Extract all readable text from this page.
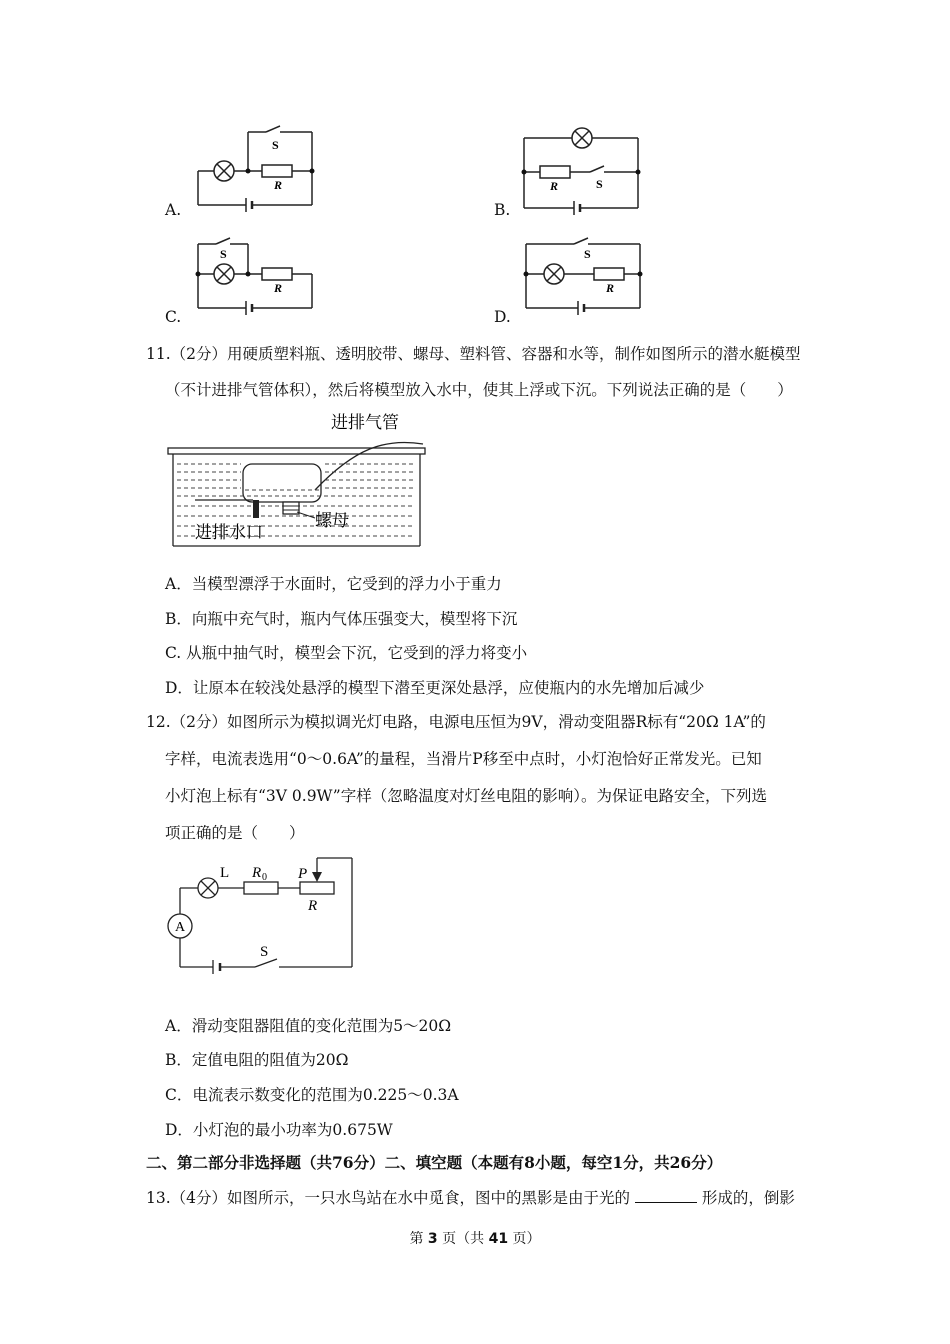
A.
S
R
B.
R	S
C.
S
R
D.
S
R
11.（2分）用硬质塑料瓶、透明胶带、螺母、塑料管、容器和水等，制作如图所示的潜水艇模型
（不计进排气管体积），然后将模型放入水中，使其上浮或下沉。下列说法正确的是（　　）
进排气管
进排水口
螺母
A．当模型漂浮于水面时，它受到的浮力小于重力
B．向瓶中充气时，瓶内气体压强变大，模型将下沉
C. 从瓶中抽气时，模型会下沉，它受到的浮力将变小
D．让原本在较浅处悬浮的模型下潜至更深处悬浮，应使瓶内的水先增加后减少
12.（2分）如图所示为模拟调光灯电路，电源电压恒为9V，滑动变阻器R标有“20Ω 1A”的
字样，电流表选用“0～0.6A”的量程，当滑片P移至中点时，小灯泡恰好正常发光。已知
小灯泡上标有“3V 0.9W”字样（忽略温度对灯丝电阻的影响）。为保证电路安全，下列选
项正确的是（　　）
L R 0 P
R
A
S
A．滑动变阻器阻值的变化范围为5～20Ω
B．定值电阻的阻值为20Ω
C．电流表示数变化的范围为0.225～0.3A
D．小灯泡的最小功率为0.675W
二、第二部分非选择题（共76分）二、填空题（本题有8小题，每空1分，共26分）
13.（4分）如图所示，一只水鸟站在水中觅食，图中的黑影是由于光的	形成的，倒影
第 3 页（共 41 页）
